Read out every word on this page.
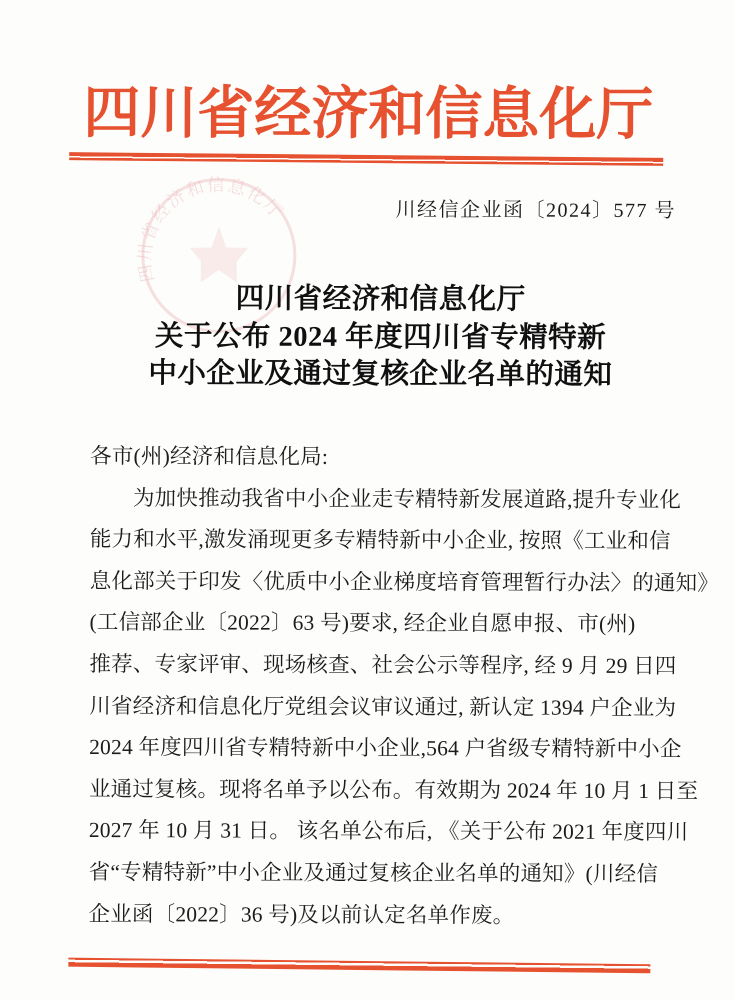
四川省经济和信息化厅
四川省经济和信息化厅	川经信企业函〔2024〕577 号
四川省经济和信息化厅
关于公布 2024 年度四川省专精特新
中小企业及通过复核企业名单的通知
各市(州)经济和信息化局:
为加快推动我省中小企业走专精特新发展道路,提升专业化
能力和水平,激发涌现更多专精特新中小企业, 按照《工业和信
息化部关于印发〈优质中小企业梯度培育管理暂行办法〉的通知》
(工信部企业〔2022〕63 号)要求, 经企业自愿申报、市(州)
推荐、专家评审、现场核查、社会公示等程序, 经 9 月 29 日四
川省经济和信息化厅党组会议审议通过, 新认定 1394 户企业为
2024 年度四川省专精特新中小企业,564 户省级专精特新中小企
业通过复核。现将名单予以公布。有效期为 2024 年 10 月 1 日至
2027 年 10 月 31 日。 该名单公布后, 《关于公布 2021 年度四川
省“专精特新”中小企业及通过复核企业名单的通知》(川经信
企业函〔2022〕36 号)及以前认定名单作废。
